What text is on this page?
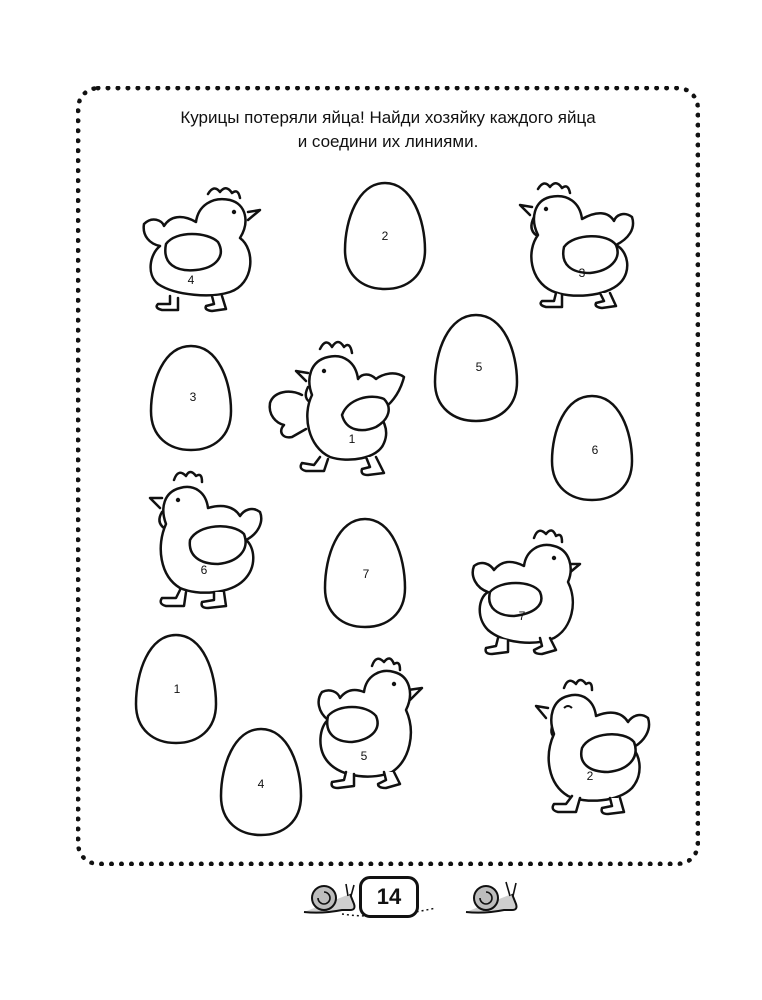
Курицы потеряли яйца! Найди хозяйку каждого яйца
и соедини их линиями.

2
3
5
6
7
1
4
4	3
1
6
7
5
2
14
